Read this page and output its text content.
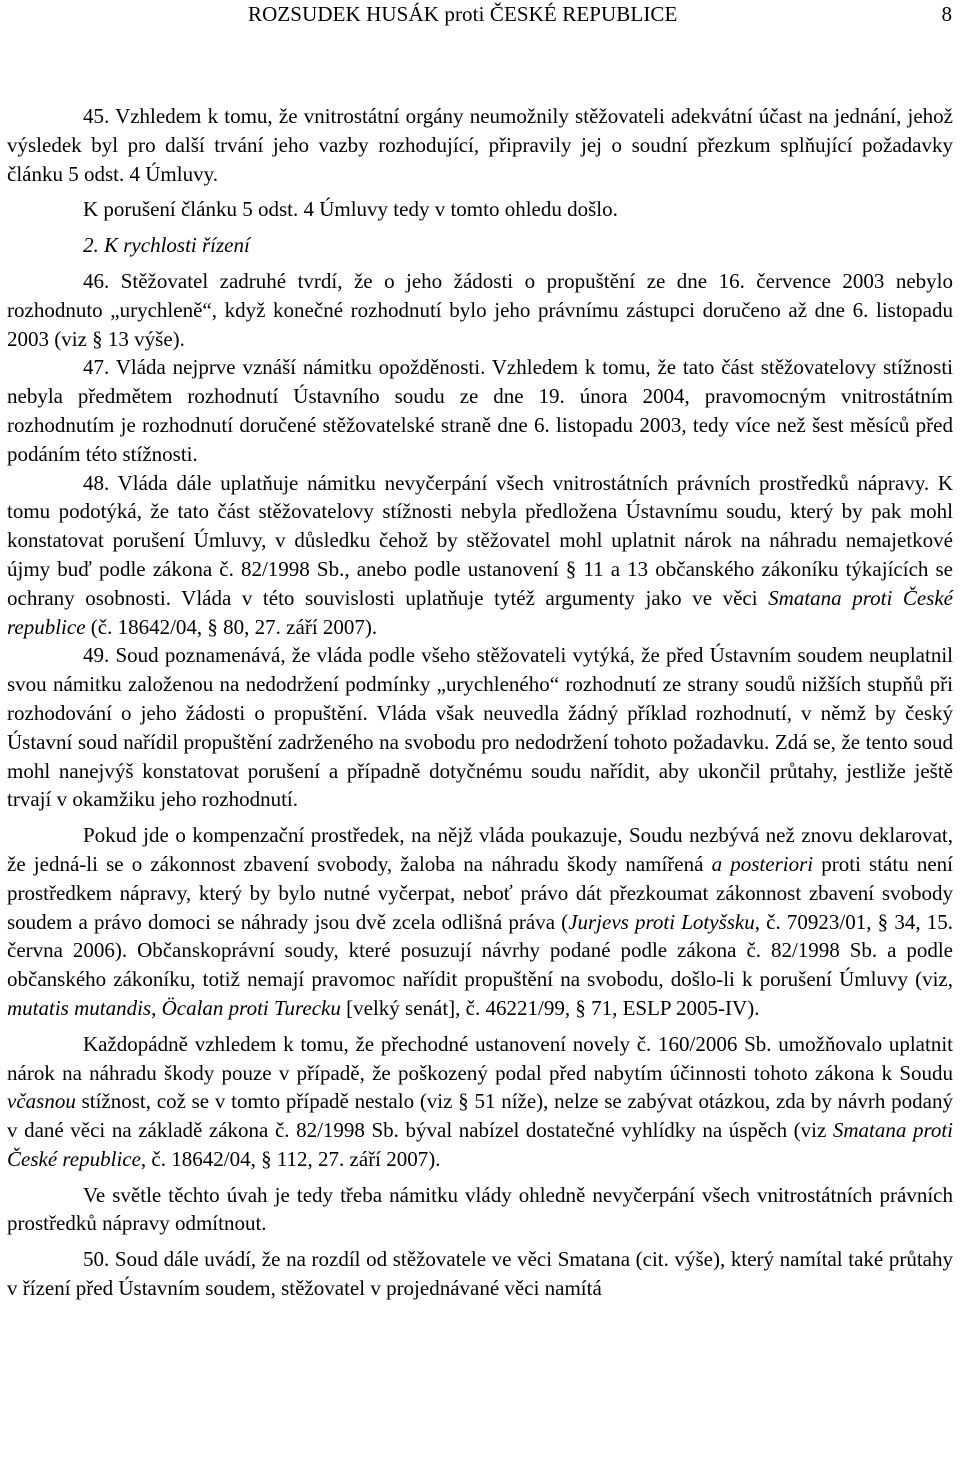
ROZSUDEK HUSÁK proti ČESKÉ REPUBLICE	8

45. Vzhledem k tomu, že vnitrostátní orgány neumožnily stěžovateli adekvátní účast na jednání, jehož výsledek byl pro další trvání jeho vazby rozhodující, připravily jej o soudní přezkum splňující požadavky článku 5 odst. 4 Úmluvy.

K porušení článku 5 odst. 4 Úmluvy tedy v tomto ohledu došlo.

2. K rychlosti řízení

46. Stěžovatel zadruhé tvrdí, že o jeho žádosti o propuštění ze dne 16. července 2003 nebylo rozhodnuto „urychleně“, když konečné rozhodnutí bylo jeho právnímu zástupci doručeno až dne 6. listopadu 2003 (viz § 13 výše).

47. Vláda nejprve vznáší námitku opožděnosti. Vzhledem k tomu, že tato část stěžovatelovy stížnosti nebyla předmětem rozhodnutí Ústavního soudu ze dne 19. února 2004, pravomocným vnitrostátním rozhodnutím je rozhodnutí doručené stěžovatelské straně dne 6. listopadu 2003, tedy více než šest měsíců před podáním této stížnosti.

48. Vláda dále uplatňuje námitku nevyčerpání všech vnitrostátních právních prostředků nápravy. K tomu podotýká, že tato část stěžovatelovy stížnosti nebyla předložena Ústavnímu soudu, který by pak mohl konstatovat porušení Úmluvy, v důsledku čehož by stěžovatel mohl uplatnit nárok na náhradu nemajetkové újmy buď podle zákona č. 82/1998 Sb., anebo podle ustanovení § 11 a 13 občanského zákoníku týkajících se ochrany osobnosti. Vláda v této souvislosti uplatňuje tytéž argumenty jako ve věci Smatana proti České republice (č. 18642/04, § 80, 27. září 2007).

49. Soud poznamenává, že vláda podle všeho stěžovateli vytýká, že před Ústavním soudem neuplatnil svou námitku založenou na nedodržení podmínky „urychleného“ rozhodnutí ze strany soudů nižších stupňů při rozhodování o jeho žádosti o propuštění. Vláda však neuvedla žádný příklad rozhodnutí, v němž by český Ústavní soud nařídil propuštění zadrženého na svobodu pro nedodržení tohoto požadavku. Zdá se, že tento soud mohl nanejvýš konstatovat porušení a případně dotyčnému soudu nařídit, aby ukončil průtahy, jestliže ještě trvají v okamžiku jeho rozhodnutí.

Pokud jde o kompenzační prostředek, na nějž vláda poukazuje, Soudu nezbývá než znovu deklarovat, že jedná-li se o zákonnost zbavení svobody, žaloba na náhradu škody namířená a posteriori proti státu není prostředkem nápravy, který by bylo nutné vyčerpat, neboť právo dát přezkoumat zákonnost zbavení svobody soudem a právo domoci se náhrady jsou dvě zcela odlišná práva (Jurjevs proti Lotyšsku, č. 70923/01, § 34, 15. června 2006). Občanskoprávní soudy, které posuzují návrhy podané podle zákona č. 82/1998 Sb. a podle občanského zákoníku, totiž nemají pravomoc nařídit propuštění na svobodu, došlo-li k porušení Úmluvy (viz, mutatis mutandis, Öcalan proti Turecku [velký senát], č. 46221/99, § 71, ESLP 2005-IV).

Každopádně vzhledem k tomu, že přechodné ustanovení novely č. 160/2006 Sb. umožňovalo uplatnit nárok na náhradu škody pouze v případě, že poškozený podal před nabytím účinnosti tohoto zákona k Soudu včasnou stížnost, což se v tomto případě nestalo (viz § 51 níže), nelze se zabývat otázkou, zda by návrh podaný v dané věci na základě zákona č. 82/1998 Sb. býval nabízel dostatečné vyhlídky na úspěch (viz Smatana proti České republice, č. 18642/04, § 112, 27. září 2007).

Ve světle těchto úvah je tedy třeba námitku vlády ohledně nevyčerpání všech vnitrostátních právních prostředků nápravy odmítnout.

50. Soud dále uvádí, že na rozdíl od stěžovatele ve věci Smatana (cit. výše), který namítal také průtahy v řízení před Ústavním soudem, stěžovatel v projednávané věci namítá
